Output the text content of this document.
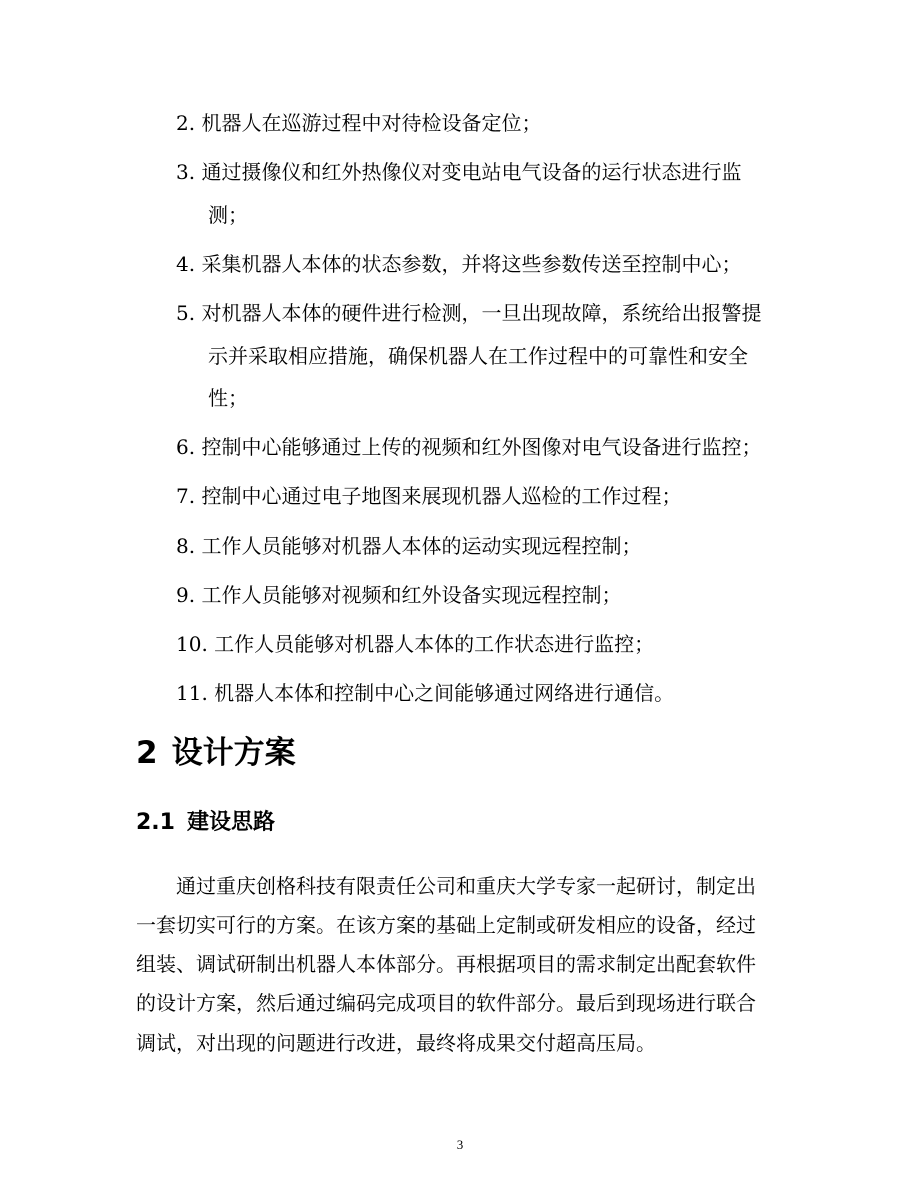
2. 机器人在巡游过程中对待检设备定位；
3. 通过摄像仪和红外热像仪对变电站电气设备的运行状态进行监
测；
4. 采集机器人本体的状态参数，并将这些参数传送至控制中心；
5. 对机器人本体的硬件进行检测，一旦出现故障，系统给出报警提
示并采取相应措施，确保机器人在工作过程中的可靠性和安全
性；
6. 控制中心能够通过上传的视频和红外图像对电气设备进行监控；
7. 控制中心通过电子地图来展现机器人巡检的工作过程；
8. 工作人员能够对机器人本体的运动实现远程控制；
9. 工作人员能够对视频和红外设备实现远程控制；
10. 工作人员能够对机器人本体的工作状态进行监控；
11. 机器人本体和控制中心之间能够通过网络进行通信。
2 设计方案
2.1 建设思路
通过重庆创格科技有限责任公司和重庆大学专家一起研讨，制定出
一套切实可行的方案。在该方案的基础上定制或研发相应的设备，经过
组装、调试研制出机器人本体部分。再根据项目的需求制定出配套软件
的设计方案，然后通过编码完成项目的软件部分。最后到现场进行联合
调试，对出现的问题进行改进，最终将成果交付超高压局。
3
